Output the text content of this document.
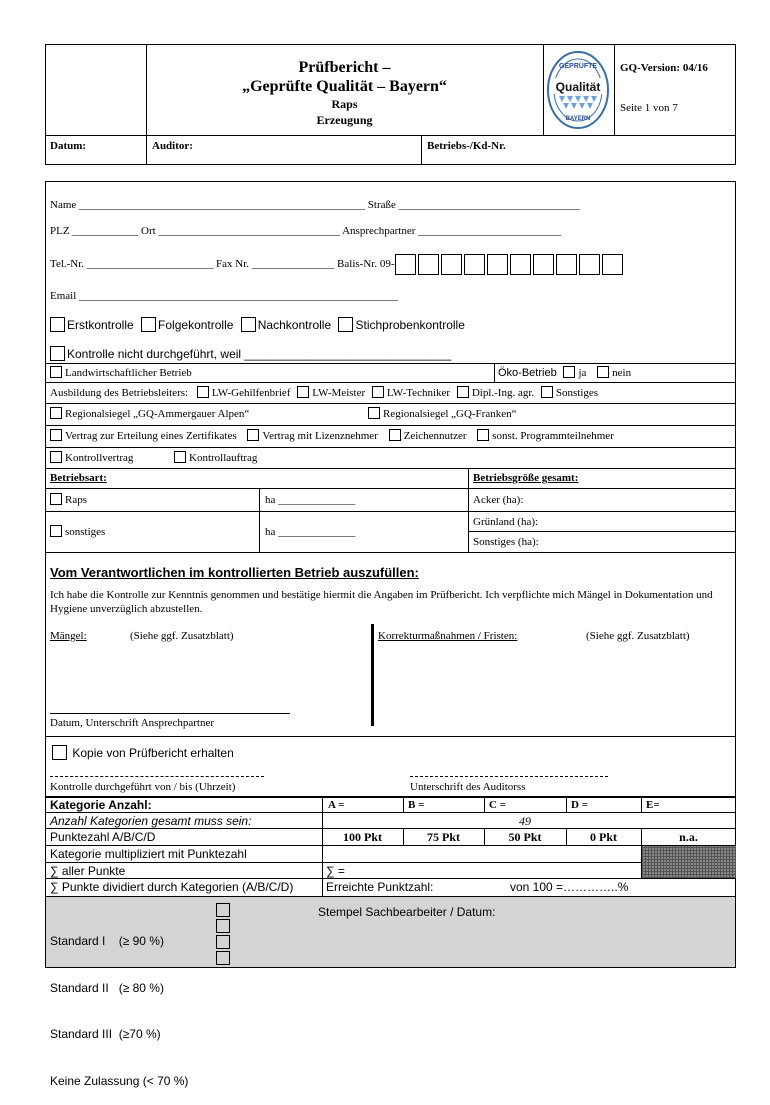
Prüfbericht –
„Geprüfte Qualität – Bayern“
Raps
Erzeugung
GEPRÜFTE
Qualität
BAYERN
GQ-Version: 04/16
Seite 1 von 7
Datum:	Auditor:	Betriebs-/Kd-Nr.
Name ____________________________________________________ Straße _________________________________
PLZ ____________ Ort _________________________________ Ansprechpartner __________________________
Tel.-Nr. _______________________ Fax Nr. _______________ Balis-Nr. 09-
Email __________________________________________________________
Erstkontrolle Folgekontrolle Nachkontrolle Stichprobenkontrolle
Kontrolle nicht durchgeführt, weil _______________________________
Landwirtschaftlicher Betrieb	Öko-Betrieb ja nein
Ausbildung des Betriebsleiters: LW-Gehilfenbrief LW-Meister LW-Techniker Dipl.-Ing. agr. Sonstiges
Regionalsiegel „GQ-Ammergauer Alpen“	Regionalsiegel „GQ-Franken“
Vertrag zur Erteilung eines Zertifikates Vertrag mit Lizenznehmer Zeichennutzer sonst. Programmteilnehmer
Kontrollvertrag	Kontrollauftrag
Betriebsart:	Betriebsgröße gesamt:
Raps	ha ______________	Acker (ha):
sonstiges	ha ______________
Grünland (ha):
Sonstiges (ha):
Vom Verantwortlichen im kontrollierten Betrieb auszufüllen:
Ich habe die Kontrolle zur Kenntnis genommen und bestätige hiermit die Angaben im Prüfbericht. Ich verpflichte mich Mängel in Dokumentation und Hygiene unverzüglich abzustellen.
Mängel:	(Siehe ggf. Zusatzblatt)	Korrekturmaßnahmen / Fristen:	(Siehe ggf. Zusatzblatt)
Datum, Unterschrift Ansprechpartner
Kopie von Prüfbericht erhalten
Kontrolle durchgeführt von / bis (Uhrzeit)	Unterschrift des Auditorss
Kategorie Anzahl:	A =	B =	C =	D =	E=
Anzahl Kategorien gesamt muss sein:	49
Punktezahl A/B/C/D	100 Pkt	75 Pkt	50 Pkt	0 Pkt	n.a.
Kategorie multipliziert mit Punktezahl
∑ aller Punkte	∑ =
∑ Punkte dividiert durch Kategorien (A/B/C/D)	Erreichte Punktzahl:	von 100 =…………..%

Standard I    (≥ 90 %)

Standard II   (≥ 80 %)

Standard III  (≥70 %)

Keine Zulassung (< 70 %)

Stempel Sachbearbeiter / Datum:
